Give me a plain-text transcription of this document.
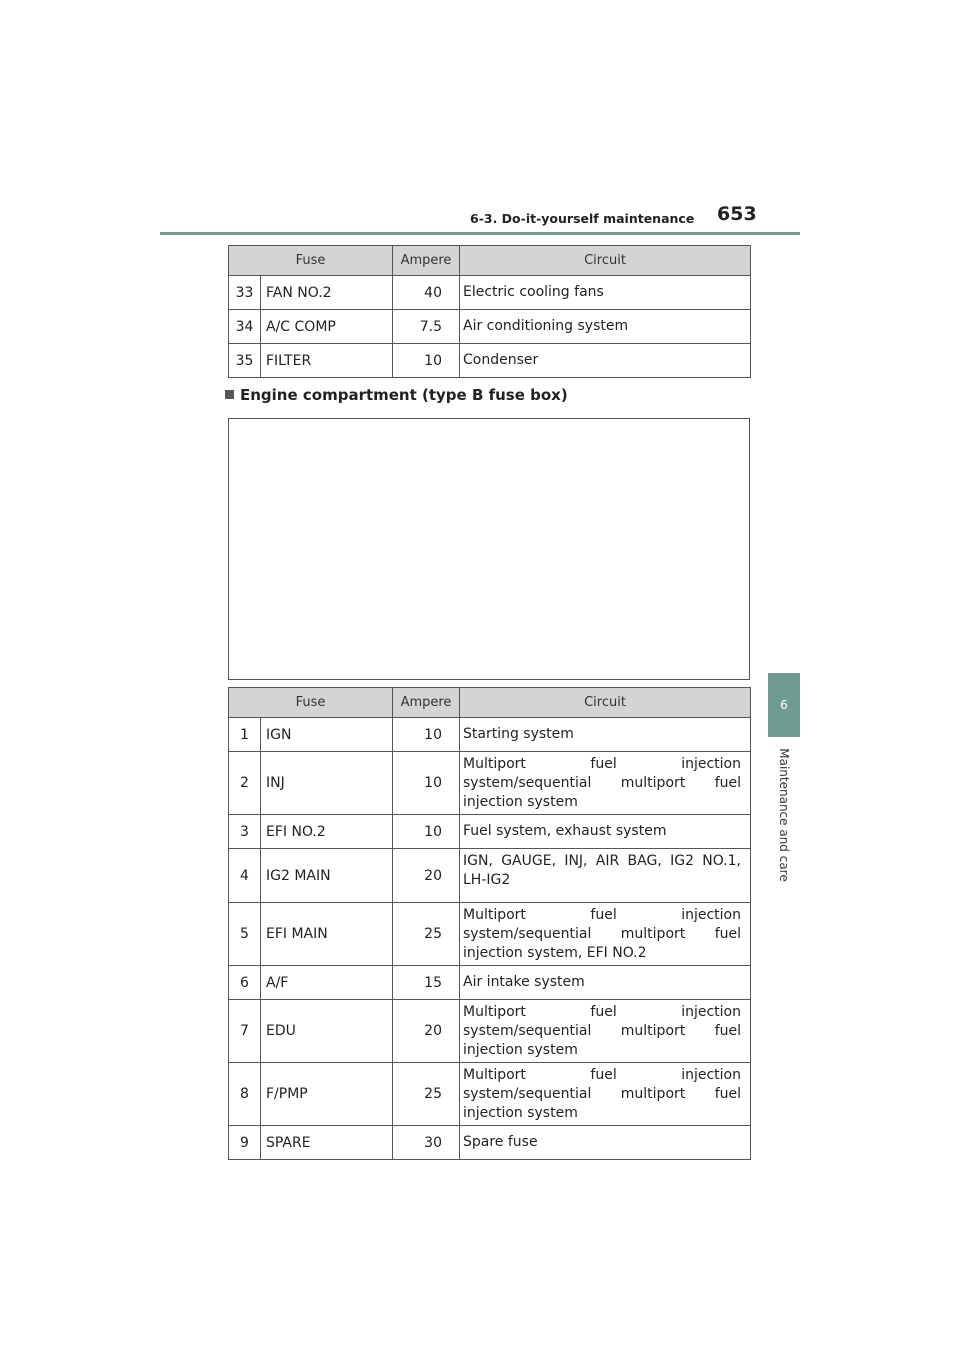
6-3. Do-it-yourself maintenance 653
6
Maintenance and care
Fuse		Ampere	Circuit
33	FAN NO.2	40	Electric cooling fans
34	A/C COMP	7.5	Air conditioning system
35	FILTER	10	Condenser
Engine compartment (type B fuse box)
Fuse		Ampere	Circuit
1	IGN	10	Starting system
2	INJ	10	Multiport fuel injection system/sequential multiport fuel injection system
3	EFI NO.2	10	Fuel system, exhaust system
4	IG2 MAIN	20	IGN, GAUGE, INJ, AIR BAG, IG2 NO.1, LH-IG2
5	EFI MAIN	25	Multiport fuel injection system/sequential multiport fuel injection system, EFI NO.2
6	A/F	15	Air intake system
7	EDU	20	Multiport fuel injection system/sequential multiport fuel injection system
8	F/PMP	25	Multiport fuel injection system/sequential multiport fuel injection system
9	SPARE	30	Spare fuse
